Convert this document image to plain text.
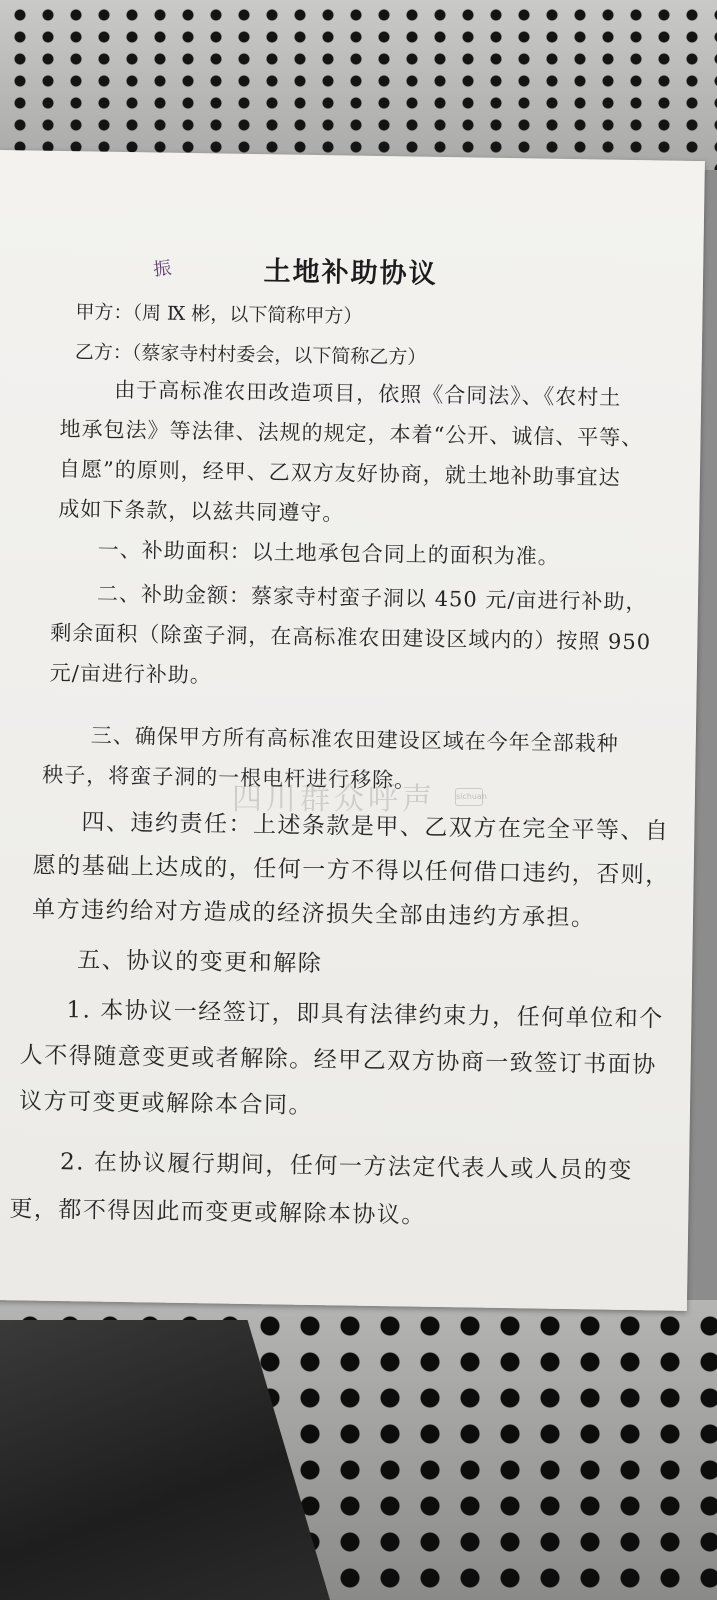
土地补助协议
振
甲方：（周 Ⅸ 彬，以下简称甲方）
乙方：（蔡家寺村村委会，以下简称乙方）
由于高标准农田改造项目，依照《合同法》、《农村土
地承包法》等法律、法规的规定，本着“公开、诚信、平等、
自愿”的原则，经甲、乙双方友好协商，就土地补助事宜达
成如下条款，以兹共同遵守。
一、补助面积：以土地承包合同上的面积为准。
二、补助金额：蔡家寺村蛮子洞以 450 元/亩进行补助，
剩余面积（除蛮子洞，在高标准农田建设区域内的）按照 950
元/亩进行补助。
三、确保甲方所有高标准农田建设区域在今年全部栽种
秧子，将蛮子洞的一根电杆进行移除。
四、违约责任：上述条款是甲、乙双方在完全平等、自
愿的基础上达成的，任何一方不得以任何借口违约，否则，
单方违约给对方造成的经济损失全部由违约方承担。
五、协议的变更和解除
1. 本协议一经签订，即具有法律约束力，任何单位和个
人不得随意变更或者解除。经甲乙双方协商一致签订书面协
议方可变更或解除本合同。
2. 在协议履行期间，任何一方法定代表人或人员的变
更，都不得因此而变更或解除本协议。
四川群众呼声	sichuan
